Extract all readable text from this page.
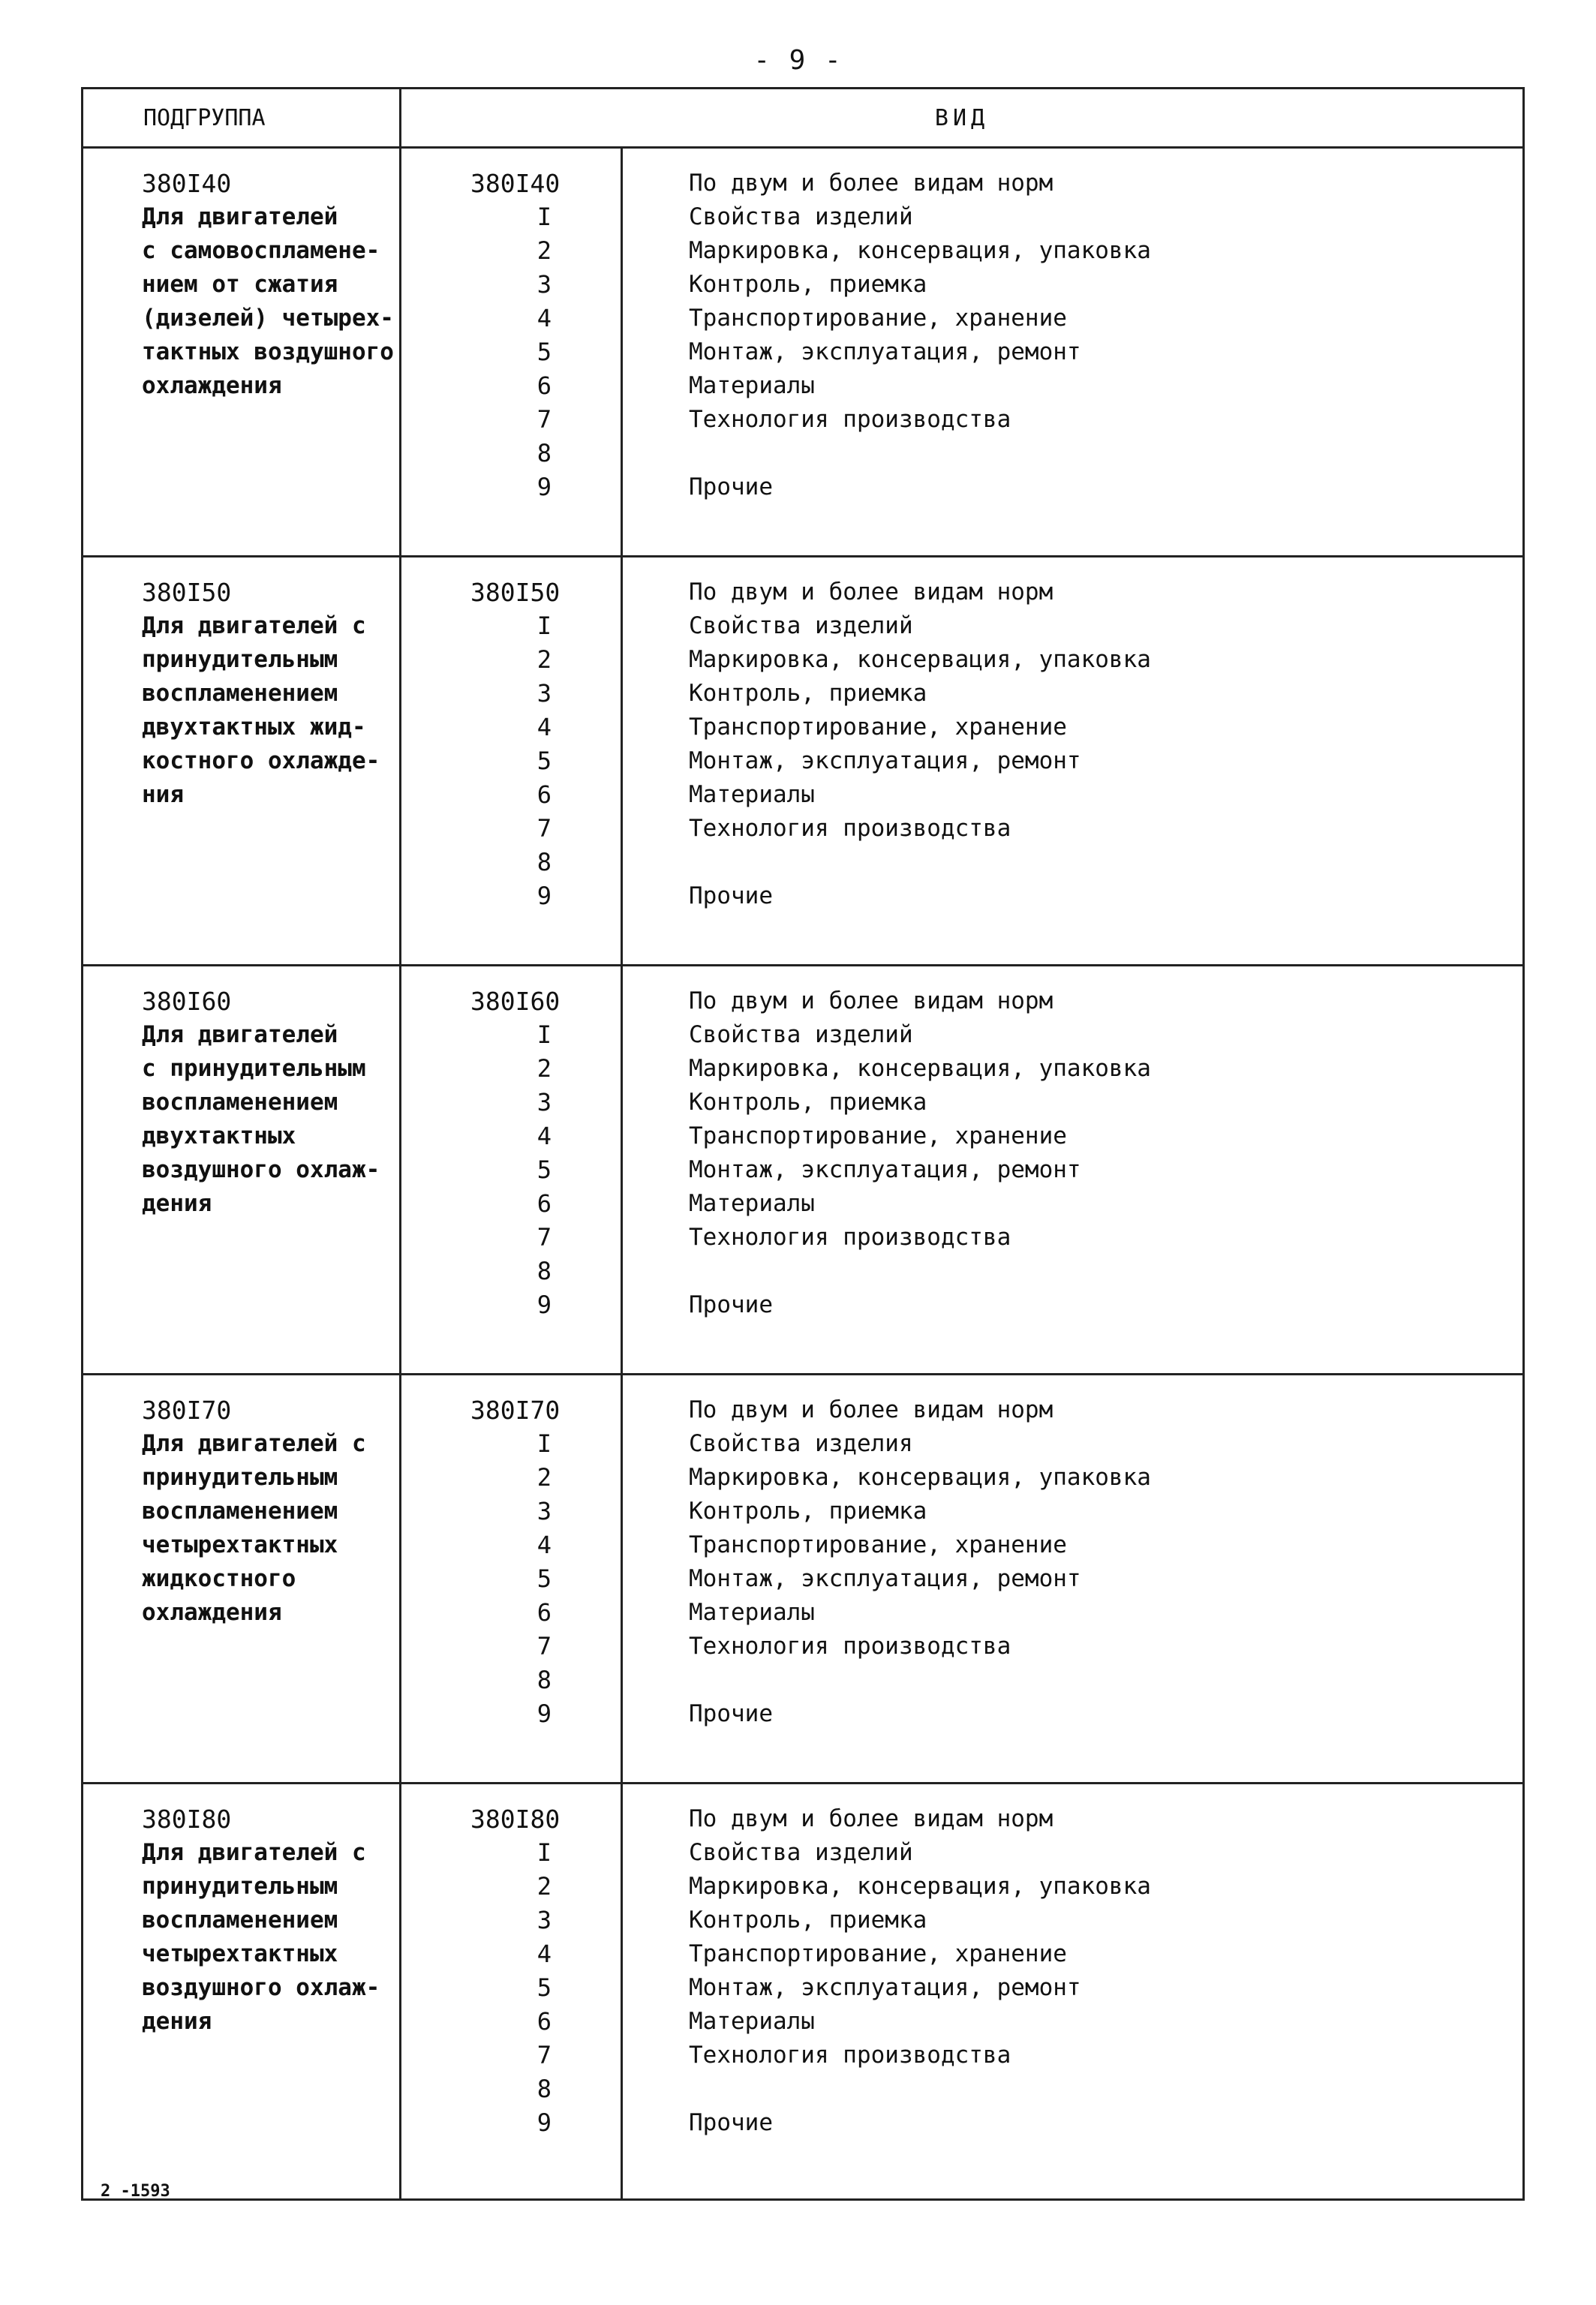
- 9 -
ПОДГРУППА	ВИД
380I40
Для двигателей
с самовоспламене-
нием от сжатия
(дизелей) четырех-
тактных воздушного
охлаждения
380I40
I
2
3
4
5
6
7
8
9
По двум и более видам норм
Свойства изделий
Маркировка, консервация, упаковка
Контроль, приемка
Транспортирование, хранение
Монтаж, эксплуатация, ремонт
Материалы
Технология производства
Прочие
380I50
Для двигателей с
принудительным
воспламенением
двухтактных жид-
костного охлажде-
ния
380I50
I
2
3
4
5
6
7
8
9
По двум и более видам норм
Свойства изделий
Маркировка, консервация, упаковка
Контроль, приемка
Транспортирование, хранение
Монтаж, эксплуатация, ремонт
Материалы
Технология производства
Прочие
380I60
Для двигателей
с принудительным
воспламенением
двухтактных
воздушного охлаж-
дения
380I60
I
2
3
4
5
6
7
8
9
По двум и более видам норм
Свойства изделий
Маркировка, консервация, упаковка
Контроль, приемка
Транспортирование, хранение
Монтаж, эксплуатация, ремонт
Материалы
Технология производства
Прочие
380I70
Для двигателей с
принудительным
воспламенением
четырехтактных
жидкостного
охлаждения
380I70
I
2
3
4
5
6
7
8
9
По двум и более видам норм
Свойства изделия
Маркировка, консервация, упаковка
Контроль, приемка
Транспортирование, хранение
Монтаж, эксплуатация, ремонт
Материалы
Технология производства
Прочие
380I80
Для двигателей с
принудительным
воспламенением
четырехтактных
воздушного охлаж-
дения
380I80
I
2
3
4
5
6
7
8
9
По двум и более видам норм
Свойства изделий
Маркировка, консервация, упаковка
Контроль, приемка
Транспортирование, хранение
Монтаж, эксплуатация, ремонт
Материалы
Технология производства
Прочие
2 -1593
